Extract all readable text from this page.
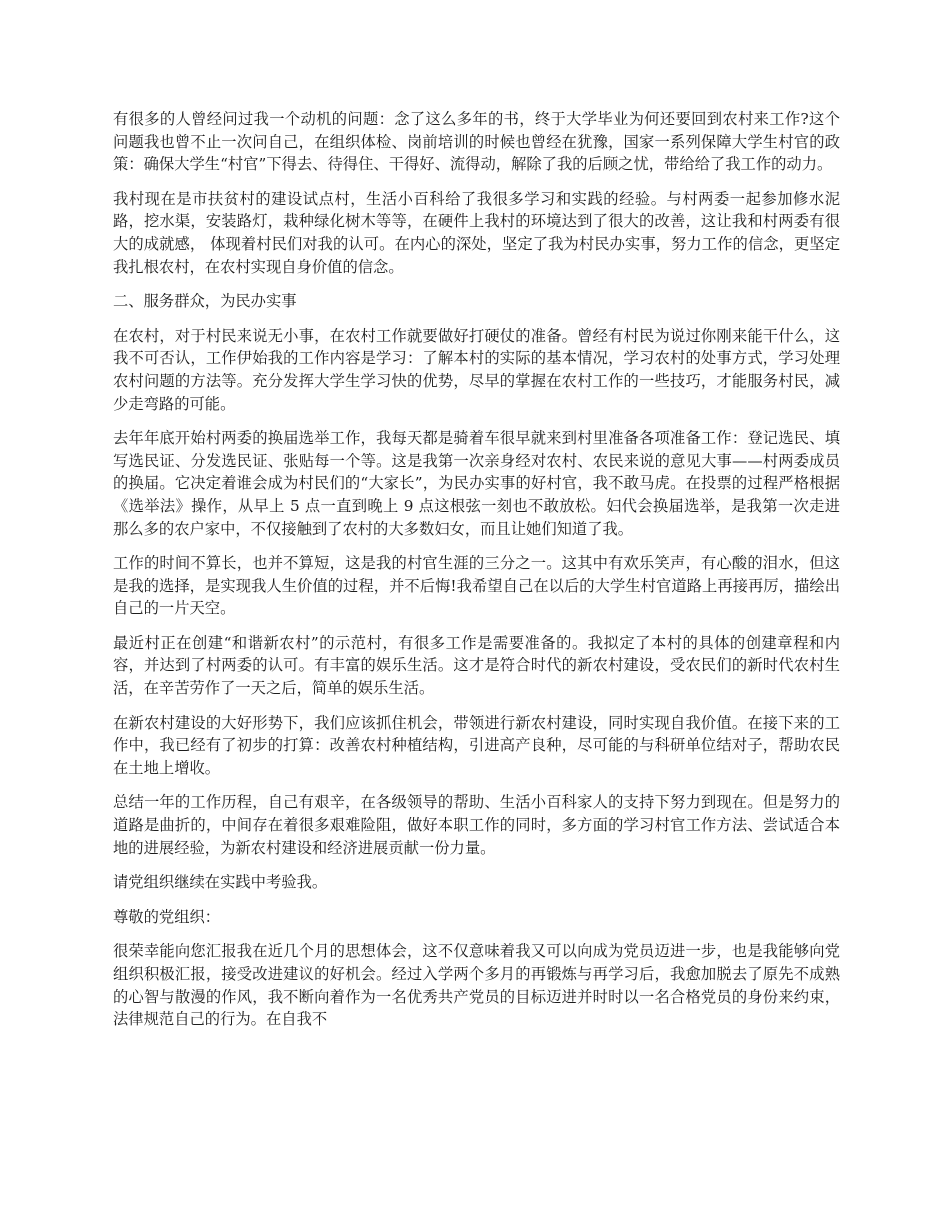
有很多的人曾经问过我一个动机的问题：念了这么多年的书，终于大学毕业为何还要回到农村来工作?这个问题我也曾不止一次问自己，在组织体检、岗前培训的时候也曾经在犹豫，国家一系列保障大学生村官的政策：确保大学生“村官”下得去、待得住、干得好、流得动，解除了我的后顾之忧，带给给了我工作的动力。

我村现在是市扶贫村的建设试点村，生活小百科给了我很多学习和实践的经验。与村两委一起参加修水泥路，挖水渠，安装路灯，栽种绿化树木等等，在硬件上我村的环境达到了很大的改善，这让我和村两委有很大的成就感， 体现着村民们对我的认可。在内心的深处，坚定了我为村民办实事，努力工作的信念，更坚定我扎根农村，在农村实现自身价值的信念。

二、服务群众，为民办实事

在农村，对于村民来说无小事，在农村工作就要做好打硬仗的准备。曾经有村民为说过你刚来能干什么，这我不可否认，工作伊始我的工作内容是学习：了解本村的实际的基本情况，学习农村的处事方式，学习处理农村问题的方法等。充分发挥大学生学习快的优势，尽早的掌握在农村工作的一些技巧，才能服务村民，减少走弯路的可能。

去年年底开始村两委的换届选举工作，我每天都是骑着车很早就来到村里准备各项准备工作：登记选民、填写选民证、分发选民证、张贴每一个等。这是我第一次亲身经对农村、农民来说的意见大事——村两委成员的换届。它决定着谁会成为村民们的“大家长”，为民办实事的好村官，我不敢马虎。在投票的过程严格根据《选举法》操作，从早上 5 点一直到晚上 9 点这根弦一刻也不敢放松。妇代会换届选举，是我第一次走进那么多的农户家中，不仅接触到了农村的大多数妇女，而且让她们知道了我。

工作的时间不算长，也并不算短，这是我的村官生涯的三分之一。这其中有欢乐笑声，有心酸的泪水，但这是我的选择，是实现我人生价值的过程，并不后悔!我希望自己在以后的大学生村官道路上再接再厉，描绘出自己的一片天空。

最近村正在创建“和谐新农村”的示范村，有很多工作是需要准备的。我拟定了本村的具体的创建章程和内容，并达到了村两委的认可。有丰富的娱乐生活。这才是符合时代的新农村建设，受农民们的新时代农村生活，在辛苦劳作了一天之后，简单的娱乐生活。

在新农村建设的大好形势下，我们应该抓住机会，带领进行新农村建设，同时实现自我价值。在接下来的工作中，我已经有了初步的打算：改善农村种植结构，引进高产良种，尽可能的与科研单位结对子，帮助农民在土地上增收。

总结一年的工作历程，自己有艰辛，在各级领导的帮助、生活小百科家人的支持下努力到现在。但是努力的道路是曲折的，中间存在着很多艰难险阻，做好本职工作的同时，多方面的学习村官工作方法、尝试适合本地的进展经验，为新农村建设和经济进展贡献一份力量。

请党组织继续在实践中考验我。

尊敬的党组织：

很荣幸能向您汇报我在近几个月的思想体会，这不仅意味着我又可以向成为党员迈进一步，也是我能够向党组织积极汇报，接受改进建议的好机会。经过入学两个多月的再锻炼与再学习后，我愈加脱去了原先不成熟的心智与散漫的作风，我不断向着作为一名优秀共产党员的目标迈进并时时以一名合格党员的身份来约束，法律规范自己的行为。在自我不
